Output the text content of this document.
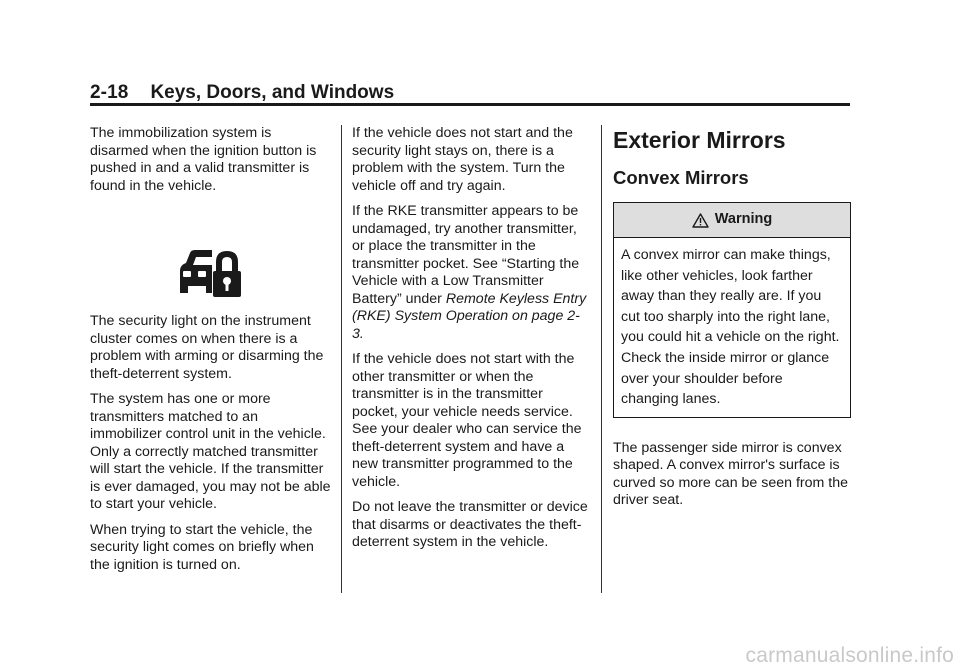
2-18 Keys, Doors, and Windows

The immobilization system is disarmed when the ignition button is pushed in and a valid transmitter is found in the vehicle.

The security light on the instrument cluster comes on when there is a problem with arming or disarming the theft-deterrent system.

The system has one or more transmitters matched to an immobilizer control unit in the vehicle. Only a correctly matched transmitter will start the vehicle. If the transmitter is ever damaged, you may not be able to start your vehicle.

When trying to start the vehicle, the security light comes on briefly when the ignition is turned on.

If the vehicle does not start and the security light stays on, there is a problem with the system. Turn the vehicle off and try again.

If the RKE transmitter appears to be undamaged, try another transmitter, or place the transmitter in the transmitter pocket. See “Starting the Vehicle with a Low Transmitter Battery” under Remote Keyless Entry (RKE) System Operation on page 2-3.

If the vehicle does not start with the other transmitter or when the transmitter is in the transmitter pocket, your vehicle needs service. See your dealer who can service the theft-deterrent system and have a new transmitter programmed to the vehicle.

Do not leave the transmitter or device that disarms or deactivates the theft-deterrent system in the vehicle.

Exterior Mirrors
Convex Mirrors
Warning
A convex mirror can make things, like other vehicles, look farther away than they really are. If you cut too sharply into the right lane, you could hit a vehicle on the right. Check the inside mirror or glance over your shoulder before changing lanes.

The passenger side mirror is convex shaped. A convex mirror's surface is curved so more can be seen from the driver seat.

carmanualsonline.info
